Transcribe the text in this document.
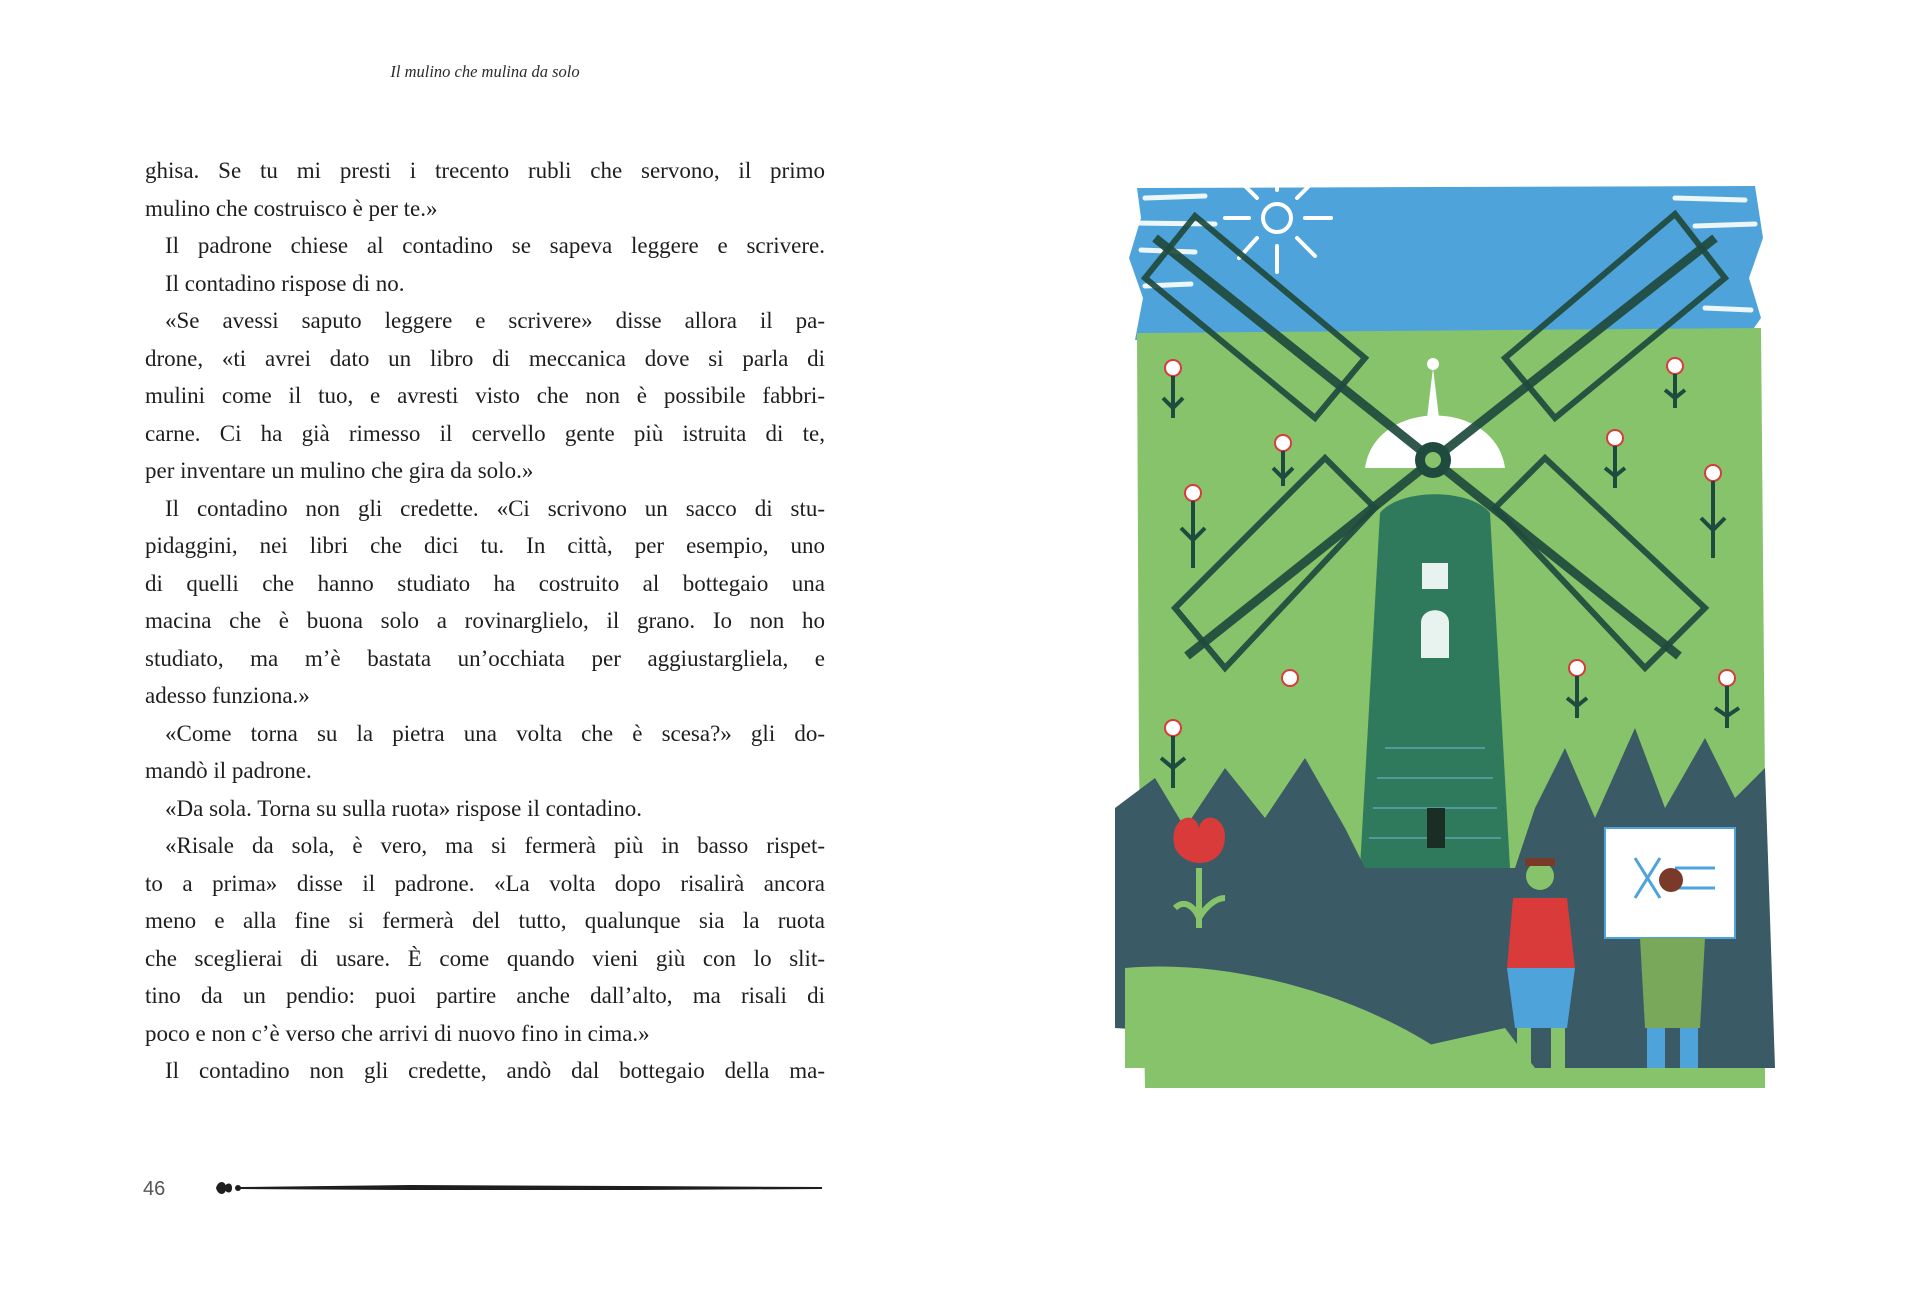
Il mulino che mulina da solo
ghisa. Se tu mi presti i trecento rubli che servono, il primo
mulino che costruisco è per te.»
Il padrone chiese al contadino se sapeva leggere e scrivere.
Il contadino rispose di no.
«Se avessi saputo leggere e scrivere» disse allora il pa-
drone, «ti avrei dato un libro di meccanica dove si parla di
mulini come il tuo, e avresti visto che non è possibile fabbri-
carne. Ci ha già rimesso il cervello gente più istruita di te,
per inventare un mulino che gira da solo.»
Il contadino non gli credette. «Ci scrivono un sacco di stu-
pidaggini, nei libri che dici tu. In città, per esempio, uno
di quelli che hanno studiato ha costruito al bottegaio una
macina che è buona solo a rovinarglielo, il grano. Io non ho
studiato, ma m’è bastata un’occhiata per aggiustargliela, e
adesso funziona.»
«Come torna su la pietra una volta che è scesa?» gli do-
mandò il padrone.
«Da sola. Torna su sulla ruota» rispose il contadino.
«Risale da sola, è vero, ma si fermerà più in basso rispet-
to a prima» disse il padrone. «La volta dopo risalirà ancora
meno e alla fine si fermerà del tutto, qualunque sia la ruota
che sceglierai di usare. È come quando vieni giù con lo slit-
tino da un pendio: puoi partire anche dall’alto, ma risali di
poco e non c’è verso che arrivi di nuovo fino in cima.»
Il contadino non gli credette, andò dal bottegaio della ma-
46
